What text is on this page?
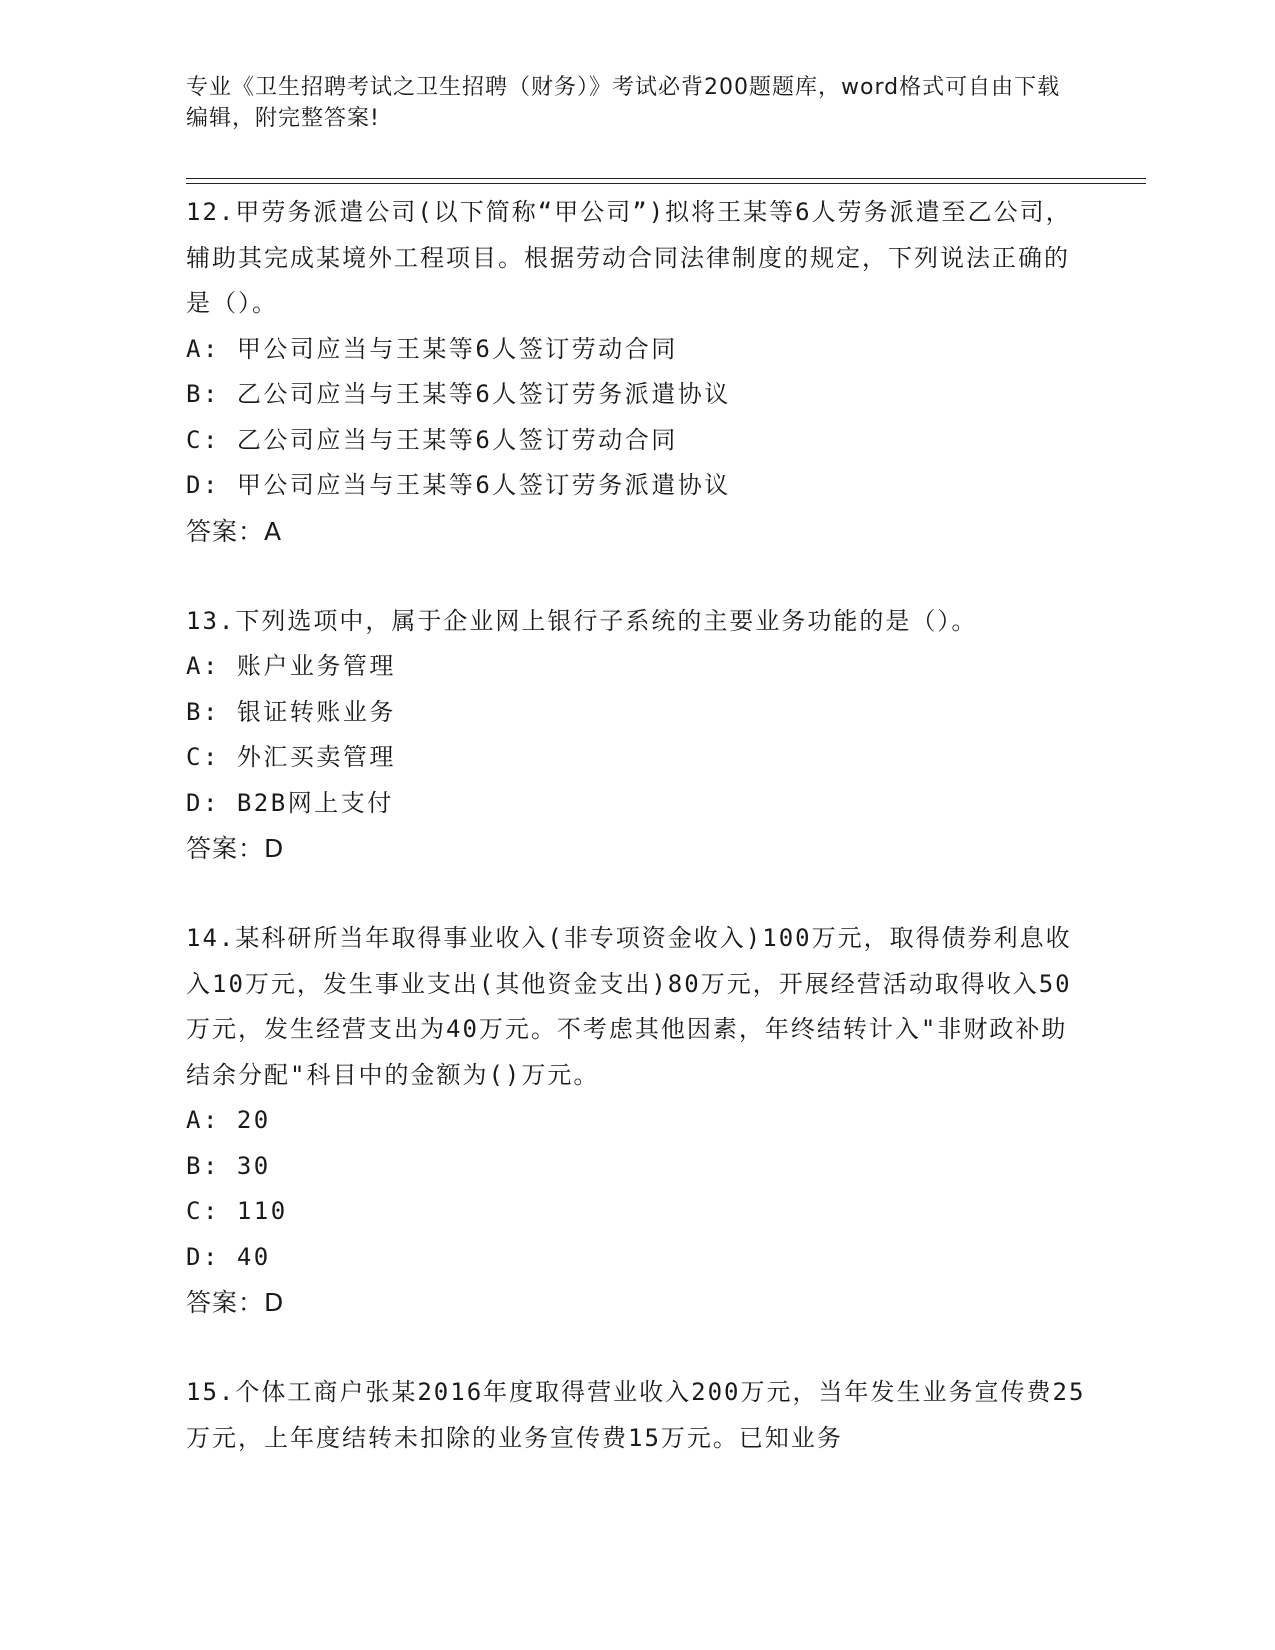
专业《卫生招聘考试之卫生招聘（财务）》考试必背200题题库，word格式可自由下载编辑，附完整答案!

12.甲劳务派遣公司(以下简称“甲公司”)拟将王某等6人劳务派遣至乙公司，辅助其完成某境外工程项目。根据劳动合同法律制度的规定，下列说法正确的是（）。

A: 甲公司应当与王某等6人签订劳动合同

B: 乙公司应当与王某等6人签订劳务派遣协议

C: 乙公司应当与王某等6人签订劳动合同

D: 甲公司应当与王某等6人签订劳务派遣协议

答案：A

13.下列选项中，属于企业网上银行子系统的主要业务功能的是（）。

A: 账户业务管理

B: 银证转账业务

C: 外汇买卖管理

D: B2B网上支付

答案：D

14.某科研所当年取得事业收入(非专项资金收入)100万元，取得债券利息收入10万元，发生事业支出(其他资金支出)80万元，开展经营活动取得收入50万元，发生经营支出为40万元。不考虑其他因素，年终结转计入"非财政补助结余分配"科目中的金额为()万元。

A: 20

B: 30

C: 110

D: 40

答案：D

15.个体工商户张某2016年度取得营业收入200万元，当年发生业务宣传费25万元，上年度结转未扣除的业务宣传费15万元。已知业务
